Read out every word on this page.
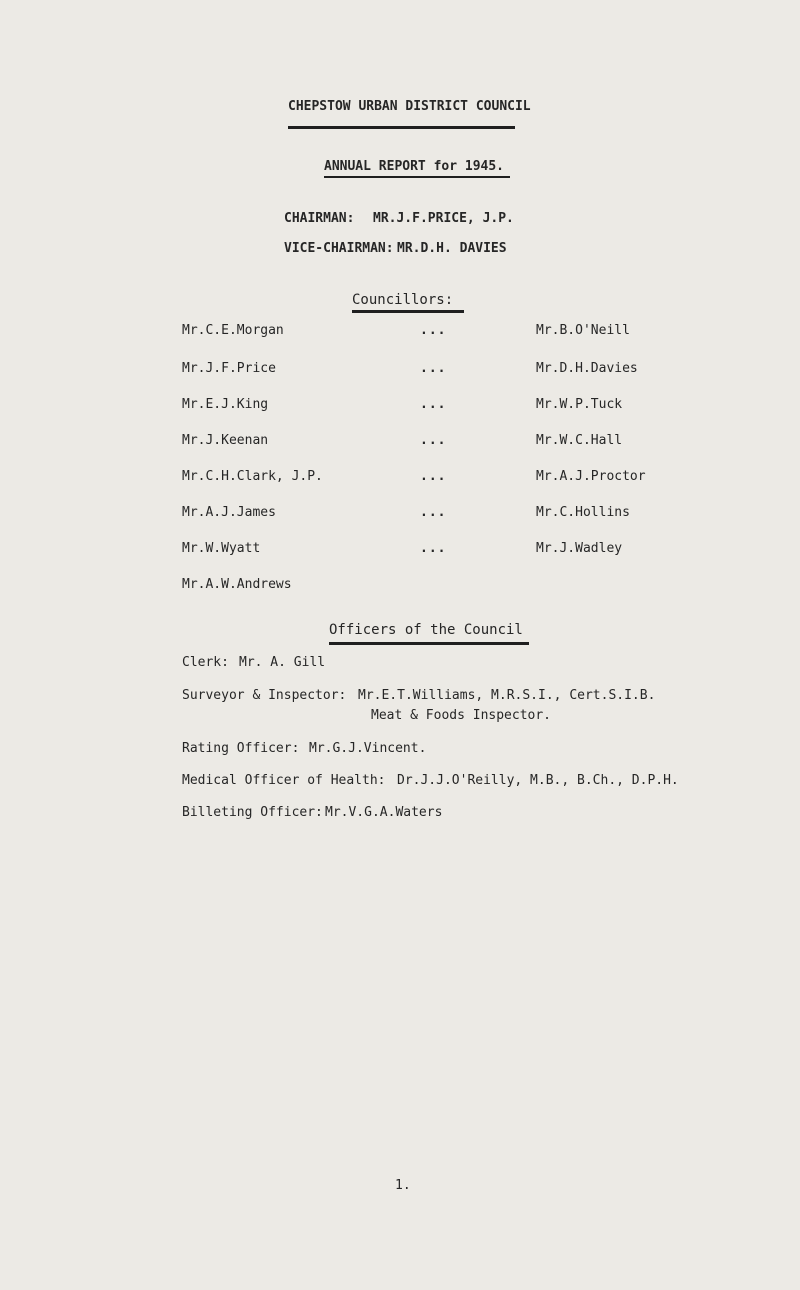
CHEPSTOW URBAN DISTRICT COUNCIL
ANNUAL REPORT for 1945.
CHAIRMAN: MR.J.F.PRICE, J.P.
VICE-CHAIRMAN: MR.D.H. DAVIES
Councillors:
Mr.C.E.Morgan
Mr.J.F.Price
Mr.E.J.King
Mr.J.Keenan
Mr.C.H.Clark, J.P.
Mr.A.J.James
Mr.W.Wyatt
Mr.A.W.Andrews
...
...
...
...
...
...
...
Mr.B.O'Neill
Mr.D.H.Davies
Mr.W.P.Tuck
Mr.W.C.Hall
Mr.A.J.Proctor
Mr.C.Hollins
Mr.J.Wadley
Officers of the Council
Clerk: Mr. A. Gill
Surveyor & Inspector: Mr.E.T.Williams, M.R.S.I., Cert.S.I.B.
Meat & Foods Inspector.
Rating Officer: Mr.G.J.Vincent.
Medical Officer of Health: Dr.J.J.O'Reilly, M.B., B.Ch., D.P.H.
Billeting Officer: Mr.V.G.A.Waters
1.
